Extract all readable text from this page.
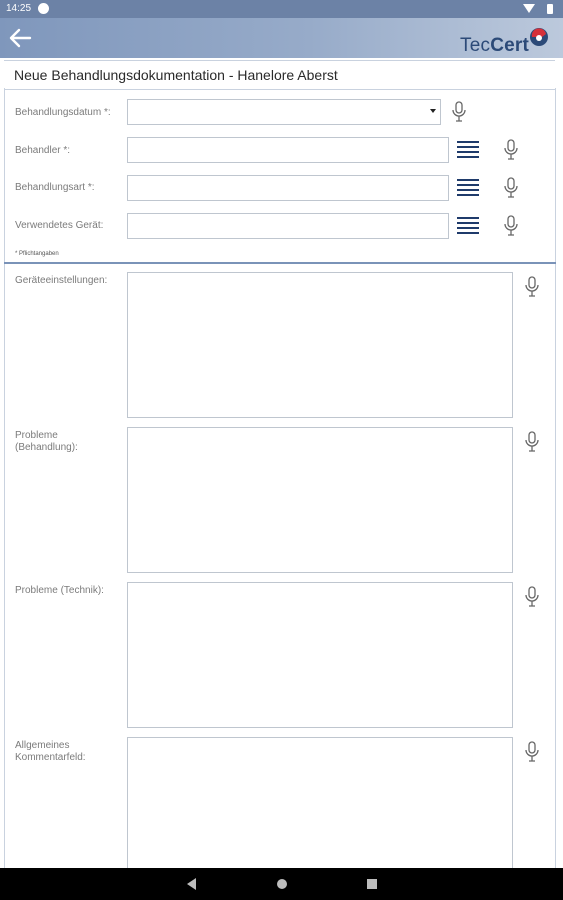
14:25
TecCert
Neue Behandlungsdokumentation - Hanelore Aberst
Behandlungsdatum *:
Behandler *:
Behandlungsart *:
Verwendetes Gerät:
* Pflichtangaben
Geräteeinstellungen:
Probleme (Behandlung):
Probleme (Technik):
Allgemeines Kommentarfeld:
